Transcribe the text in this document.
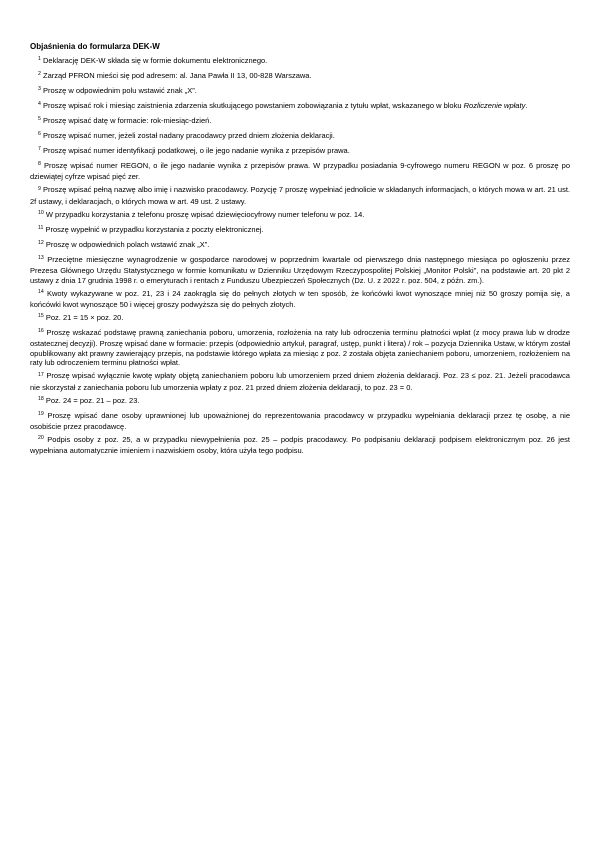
Objaśnienia do formularza DEK-W

$^1$ Deklarację DEK-W składa się w formie dokumentu elektronicznego.

$^2$ Zarząd PFRON mieści się pod adresem: al. Jana Pawła II 13, 00-828 Warszawa.

$^3$ Proszę w odpowiednim polu wstawić znak „X”.

$^4$ Proszę wpisać rok i miesiąc zaistnienia zdarzenia skutkującego powstaniem zobowiązania z tytułu wpłat, wskazanego w bloku Rozliczenie wpłaty.

$^5$ Proszę wpisać datę w formacie: rok-miesiąc-dzień.

$^6$ Proszę wpisać numer, jeżeli został nadany pracodawcy przed dniem złożenia deklaracji.

$^7$ Proszę wpisać numer identyfikacji podatkowej, o ile jego nadanie wynika z przepisów prawa.

$^8$ Proszę wpisać numer REGON, o ile jego nadanie wynika z przepisów prawa. W przypadku posiadania 9-cyfrowego numeru REGON w poz. 6 proszę po dziewiątej cyfrze wpisać pięć zer.

$^9$ Proszę wpisać pełną nazwę albo imię i nazwisko pracodawcy. Pozycję 7 proszę wypełniać jednolicie w składanych informacjach, o których mowa w art. 21 ust. 2f ustawy, i deklaracjach, o których mowa w art. 49 ust. 2 ustawy.

$^{10}$ W przypadku korzystania z telefonu proszę wpisać dziewięciocyfrowy numer telefonu w poz. 14.

$^{11}$ Proszę wypełnić w przypadku korzystania z poczty elektronicznej.

$^{12}$ Proszę w odpowiednich polach wstawić znak „X”.

$^{13}$ Przeciętne miesięczne wynagrodzenie w gospodarce narodowej w poprzednim kwartale od pierwszego dnia następnego miesiąca po ogłoszeniu przez Prezesa Głównego Urzędu Statystycznego w formie komunikatu w Dzienniku Urzędowym Rzeczypospolitej Polskiej „Monitor Polski”, na podstawie art. 20 pkt 2 ustawy z dnia 17 grudnia 1998 r. o emeryturach i rentach z Funduszu Ubezpieczeń Społecznych (Dz. U. z 2022 r. poz. 504, z późn. zm.).

$^{14}$ Kwoty wykazywane w poz. 21, 23 i 24 zaokrągla się do pełnych złotych w ten sposób, że końcówki kwot wynoszące mniej niż 50 groszy pomija się, a końcówki kwot wynoszące 50 i więcej groszy podwyższa się do pełnych złotych.

$^{15}$ Poz. 21 = 15 × poz. 20.

$^{16}$ Proszę wskazać podstawę prawną zaniechania poboru, umorzenia, rozłożenia na raty lub odroczenia terminu płatności wpłat (z mocy prawa lub w drodze ostatecznej decyzji). Proszę wpisać dane w formacie: przepis (odpowiednio artykuł, paragraf, ustęp, punkt i litera) / rok – pozycja Dziennika Ustaw, w którym został opublikowany akt prawny zawierający przepis, na podstawie którego wpłata za miesiąc z poz. 2 została objęta zaniechaniem poboru, umorzeniem, rozłożeniem na raty lub odroczeniem terminu płatności wpłat.

$^{17}$ Proszę wpisać wyłącznie kwotę wpłaty objętą zaniechaniem poboru lub umorzeniem przed dniem złożenia deklaracji. Poz. 23 ≤ poz. 21. Jeżeli pracodawca nie skorzystał z zaniechania poboru lub umorzenia wpłaty z poz. 21 przed dniem złożenia deklaracji, to poz. 23 = 0.

$^{18}$ Poz. 24 = poz. 21 – poz. 23.

$^{19}$ Proszę wpisać dane osoby uprawnionej lub upoważnionej do reprezentowania pracodawcy w przypadku wypełniania deklaracji przez tę osobę, a nie osobiście przez pracodawcę.

$^{20}$ Podpis osoby z poz. 25, a w przypadku niewypełnienia poz. 25 – podpis pracodawcy. Po podpisaniu deklaracji podpisem elektronicznym poz. 26 jest wypełniana automatycznie imieniem i nazwiskiem osoby, która użyła tego podpisu.
